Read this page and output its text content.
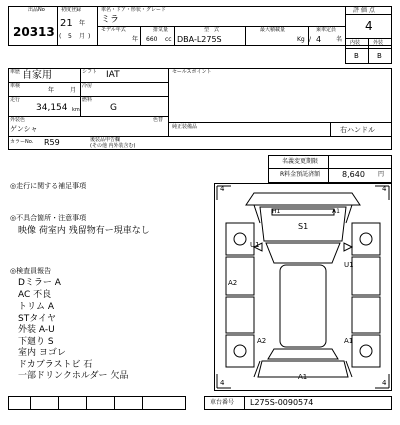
出品No
20313
初度登録
21 年
( 5 月 )
車名・ドア・形状・グレード
ミラ
モデル年式
年
排気量
660 cc
型　式
DBA-L275S
最大積載量
Kg
乗車定員
/ 4 名
評 価 点
4
内装	外装
B	B
車歴 自家用	シフト IAT
車検
年	月
冷房
走行
34,154 km
燃料
G
外装色
ゲンシャ
色替
セールスポイント
純正装備品	右ハンドル
カラーNo. R59	後装品申告欄
(その他 内外装含む)
名義変更期限
R料金預託済額	8,640 円
◎走行に関する補足事項
◎不具合箇所・注意事項
映像 荷室内 残留物有ー現車なし
◎検査員報告
Dミラー A
AC 不良
トリム A
STタイヤ
外装 A-U
下廻り S
室内 ヨゴレ
ドカブラストビ 石
一部ドリンクホルダー 欠品
4	4
4	4
S1
H1	A1
U1
U1
A2
A2	A1
A1
車台番号 L275S-0090574
